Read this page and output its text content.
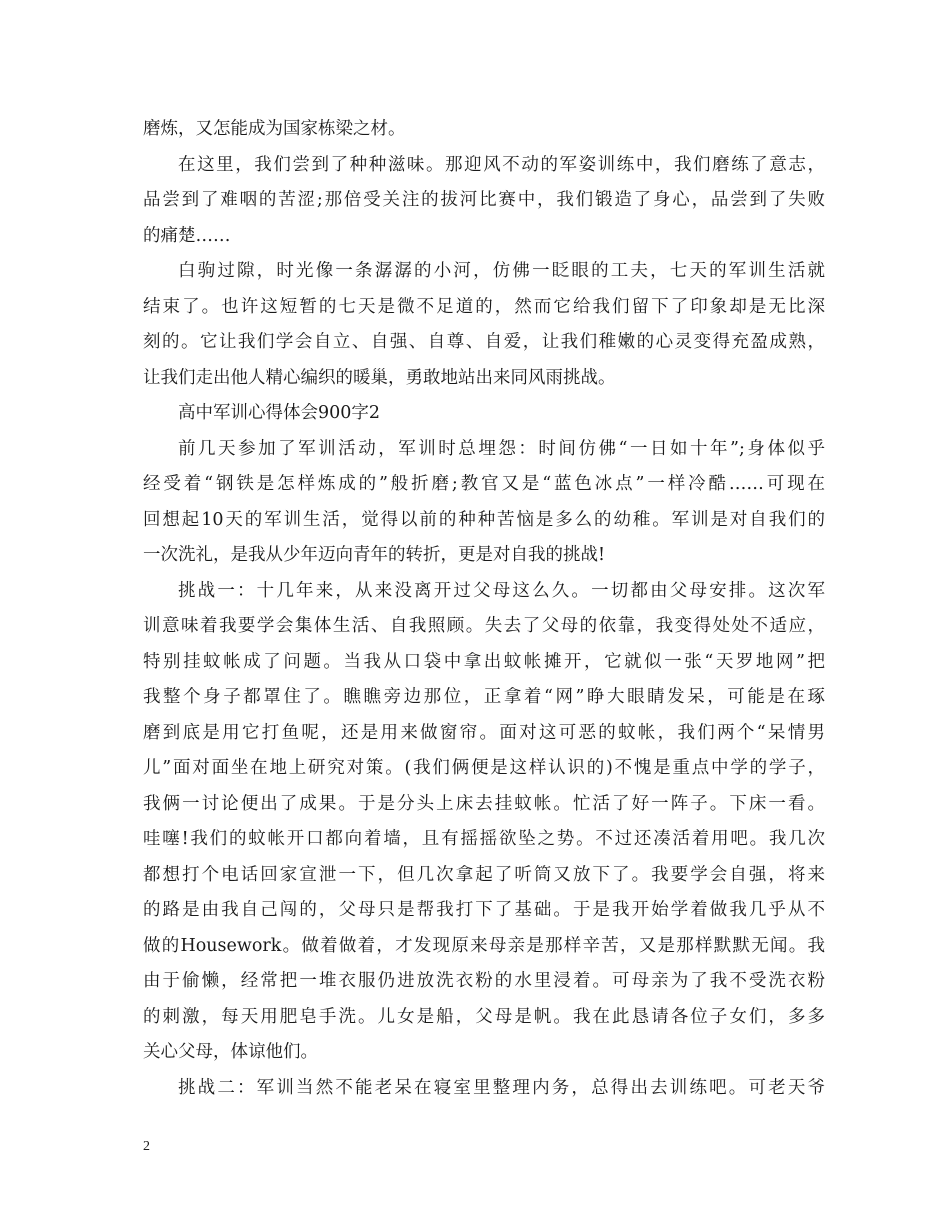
磨炼，又怎能成为国家栋梁之材。
在这里，我们尝到了种种滋味。那迎风不动的军姿训练中，我们磨练了意志，
品尝到了难咽的苦涩;那倍受关注的拔河比赛中，我们锻造了身心，品尝到了失败
的痛楚……
白驹过隙，时光像一条潺潺的小河，仿佛一眨眼的工夫，七天的军训生活就
结束了。也许这短暂的七天是微不足道的，然而它给我们留下了印象却是无比深
刻的。它让我们学会自立、自强、自尊、自爱，让我们稚嫩的心灵变得充盈成熟，
让我们走出他人精心编织的暖巢，勇敢地站出来同风雨挑战。
高中军训心得体会900字2
前几天参加了军训活动，军训时总埋怨：时间仿佛“一日如十年”;身体似乎
经受着“钢铁是怎样炼成的”般折磨;教官又是“蓝色冰点”一样冷酷……可现在
回想起10天的军训生活，觉得以前的种种苦恼是多么的幼稚。军训是对自我们的
一次洗礼，是我从少年迈向青年的转折，更是对自我的挑战!
挑战一：十几年来，从来没离开过父母这么久。一切都由父母安排。这次军
训意味着我要学会集体生活、自我照顾。失去了父母的依靠，我变得处处不适应，
特别挂蚊帐成了问题。当我从口袋中拿出蚊帐摊开，它就似一张“天罗地网”把
我整个身子都罩住了。瞧瞧旁边那位，正拿着“网”睁大眼睛发呆，可能是在琢
磨到底是用它打鱼呢，还是用来做窗帘。面对这可恶的蚊帐，我们两个“呆情男
儿”面对面坐在地上研究对策。(我们俩便是这样认识的)不愧是重点中学的学子，
我俩一讨论便出了成果。于是分头上床去挂蚊帐。忙活了好一阵子。下床一看。
哇噻!我们的蚊帐开口都向着墙，且有摇摇欲坠之势。不过还凑活着用吧。我几次
都想打个电话回家宣泄一下，但几次拿起了听筒又放下了。我要学会自强，将来
的路是由我自己闯的，父母只是帮我打下了基础。于是我开始学着做我几乎从不
做的Housework。做着做着，才发现原来母亲是那样辛苦，又是那样默默无闻。我
由于偷懒，经常把一堆衣服仍进放洗衣粉的水里浸着。可母亲为了我不受洗衣粉
的刺激，每天用肥皂手洗。儿女是船，父母是帆。我在此恳请各位子女们，多多
关心父母，体谅他们。
挑战二：军训当然不能老呆在寝室里整理内务，总得出去训练吧。可老天爷
2
